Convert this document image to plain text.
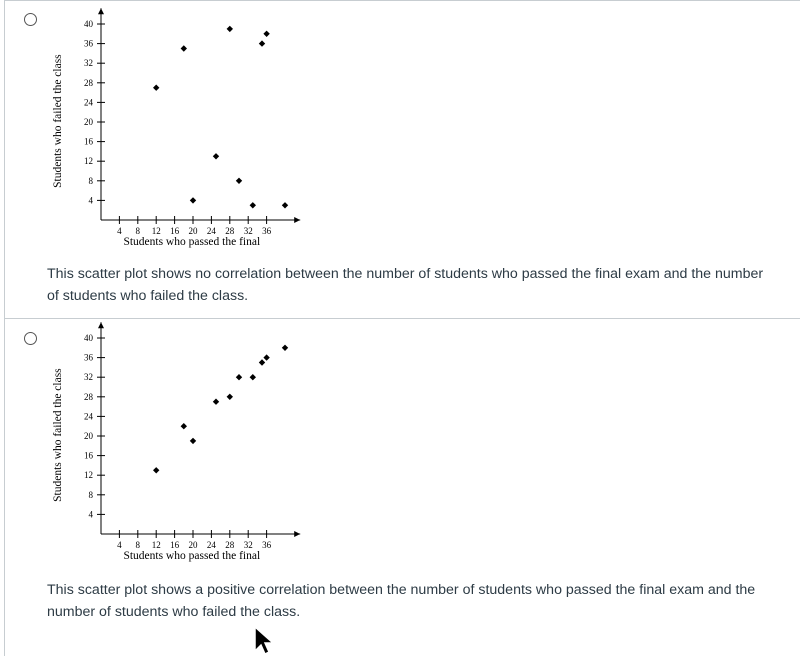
4 8 12 16 20 24 28 32 36
4
8
12
16
20
24
28
32
36
40
Students who passed the final
Students who failed the class
This scatter plot shows no correlation between the number of students who passed the final exam and the number of students who failed the class.
4 8 12 16 20 24 28 32 36
4
8
12
16
20
24
28
32
36
40
Students who passed the final
Students who failed the class
This scatter plot shows a positive correlation between the number of students who passed the final exam and the number of students who failed the class.
